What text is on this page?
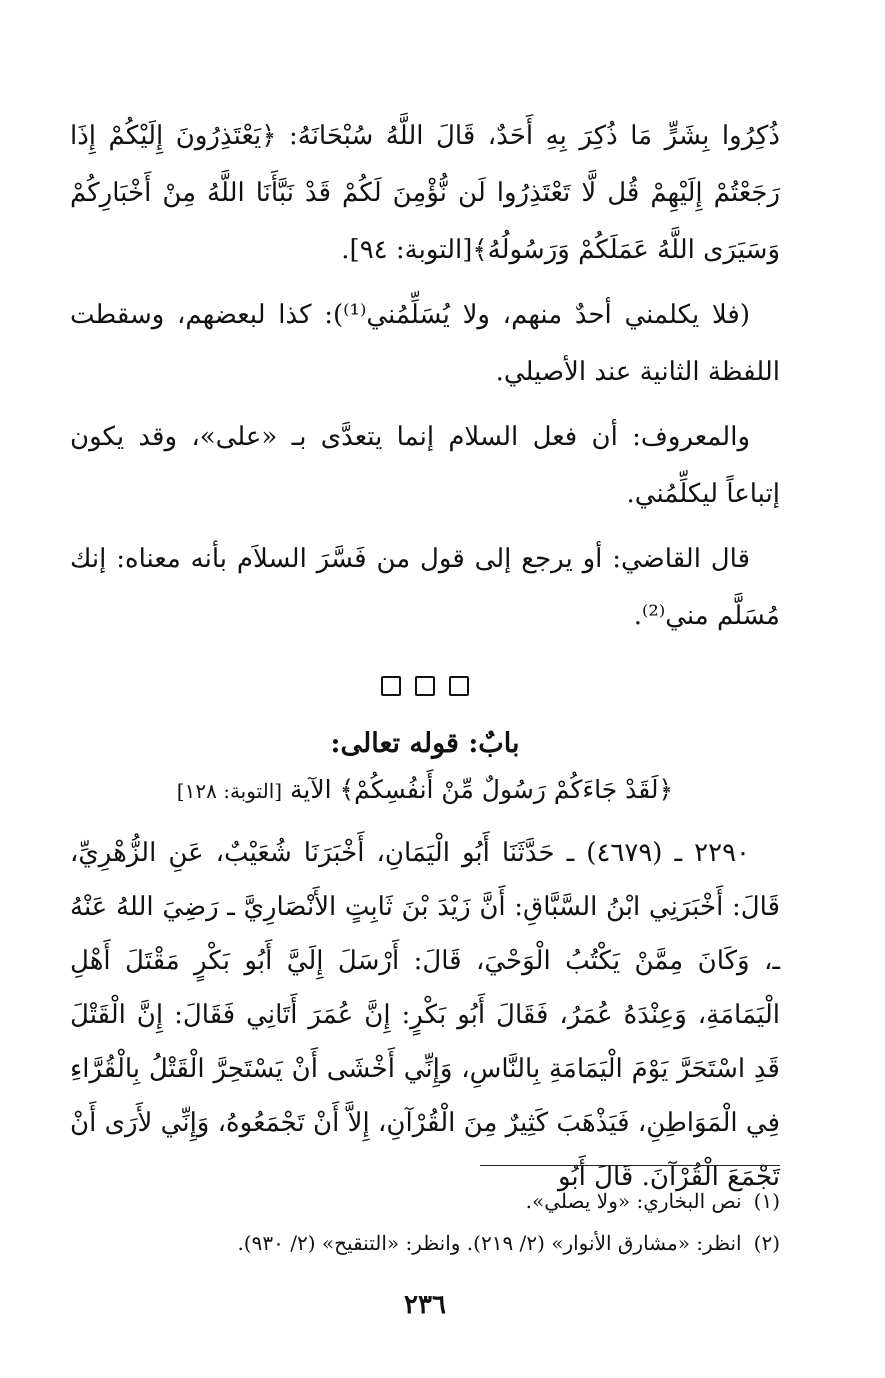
ذُكِرُوا بِشَرٍّ مَا ذُكِرَ بِهِ أَحَدٌ، قَالَ اللَّهُ سُبْحَانَهُ: ﴿يَعْتَذِرُونَ إِلَيْكُمْ إِذَا رَجَعْتُمْ إِلَيْهِمْ قُل لَّا تَعْتَذِرُوا لَن نُّؤْمِنَ لَكُمْ قَدْ نَبَّأَنَا اللَّهُ مِنْ أَخْبَارِكُمْ وَسَيَرَى اللَّهُ عَمَلَكُمْ وَرَسُولُهُ﴾[التوبة: ٩٤].

(فلا يكلمني أحدٌ منهم، ولا يُسَلِّمُني⁽¹⁾): كذا لبعضهم، وسقطت اللفظة الثانية عند الأصيلي.

والمعروف: أن فعل السلام إنما يتعدَّى بـ «على»، وقد يكون إتباعاً ليكلِّمُني.

قال القاضي: أو يرجع إلى قول من فَسَّرَ السلاَم بأنه معناه: إنك مُسَلَّم مني⁽²⁾.

بابٌ: قوله تعالى:
﴿لَقَدْ جَاءَكُمْ رَسُولٌ مِّنْ أَنفُسِكُمْ﴾ الآية [التوبة: ١٢٨]

٢٢٩٠ ـ (٤٦٧٩) ـ حَدَّثَنَا أَبُو الْيَمَانِ، أَخْبَرَنَا شُعَيْبٌ، عَنِ الزُّهْرِيِّ، قَالَ: أَخْبَرَنِي ابْنُ السَّبَّاقِ: أَنَّ زَيْدَ بْنَ ثَابِتٍ الأَنْصَارِيَّ ـ رَضِيَ اللهُ عَنْهُ ـ، وَكَانَ مِمَّنْ يَكْتُبُ الْوَحْيَ، قَالَ: أَرْسَلَ إِلَيَّ أَبُو بَكْرٍ مَقْتَلَ أَهْلِ الْيَمَامَةِ، وَعِنْدَهُ عُمَرُ، فَقَالَ أَبُو بَكْرٍ: إِنَّ عُمَرَ أَتَانِي فَقَالَ: إِنَّ الْقَتْلَ قَدِ اسْتَحَرَّ يَوْمَ الْيَمَامَةِ بِالنَّاسِ، وَإِنِّي أَخْشَى أَنْ يَسْتَحِرَّ الْقَتْلُ بِالْقُرَّاءِ فِي الْمَوَاطِنِ، فَيَذْهَبَ كَثِيرٌ مِنَ الْقُرْآنِ، إِلاَّ أَنْ تَجْمَعُوهُ، وَإِنِّي لأَرَى أَنْ تَجْمَعَ الْقُرْآنَ. قَالَ أَبُو

(١)نص البخاري: «ولا يصلي».
(٢)انظر: «مشارق الأنوار» (٢/ ٢١٩). وانظر: «التنقيح» (٢/ ٩٣٠).
٢٣٦
